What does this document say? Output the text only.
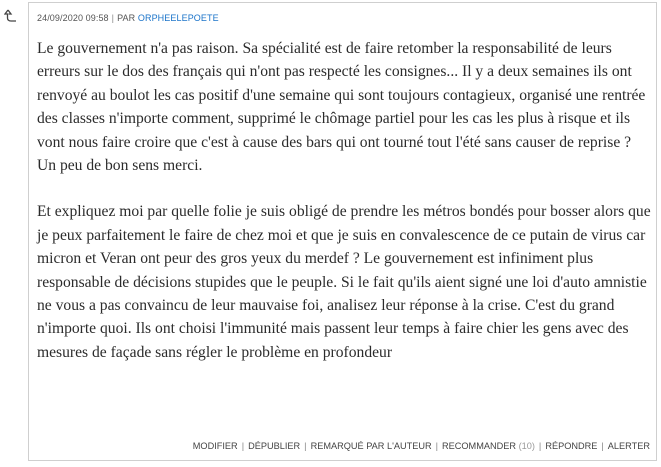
24/09/2020 09:58 | PAR ORPHEELEPOETE

Le gouvernement n'a pas raison. Sa spécialité est de faire retomber la responsabilité de leurs erreurs sur le dos des français qui n'ont pas respecté les consignes... Il y a deux semaines ils ont renvoyé au boulot les cas positif d'une semaine qui sont toujours contagieux, organisé une rentrée des classes n'importe comment, supprimé le chômage partiel pour les cas les plus à risque et ils vont nous faire croire que c'est à cause des bars qui ont tourné tout l'été sans causer de reprise ? Un peu de bon sens merci.

Et expliquez moi par quelle folie je suis obligé de prendre les métros bondés pour bosser alors que je peux parfaitement le faire de chez moi et que je suis en convalescence de ce putain de virus car micron et Veran ont peur des gros yeux du merdef ? Le gouvernement est infiniment plus responsable de décisions stupides que le peuple. Si le fait qu'ils aient signé une loi d'auto amnistie ne vous a pas convaincu de leur mauvaise foi, analisez leur réponse à la crise. C'est du grand n'importe quoi. Ils ont choisi l'immunité mais passent leur temps à faire chier les gens avec des mesures de façade sans régler le problème en profondeur

MODIFIER | DÉPUBLIER | REMARQUÉ PAR L'AUTEUR | RECOMMANDER (10) | RÉPONDRE | ALERTER
